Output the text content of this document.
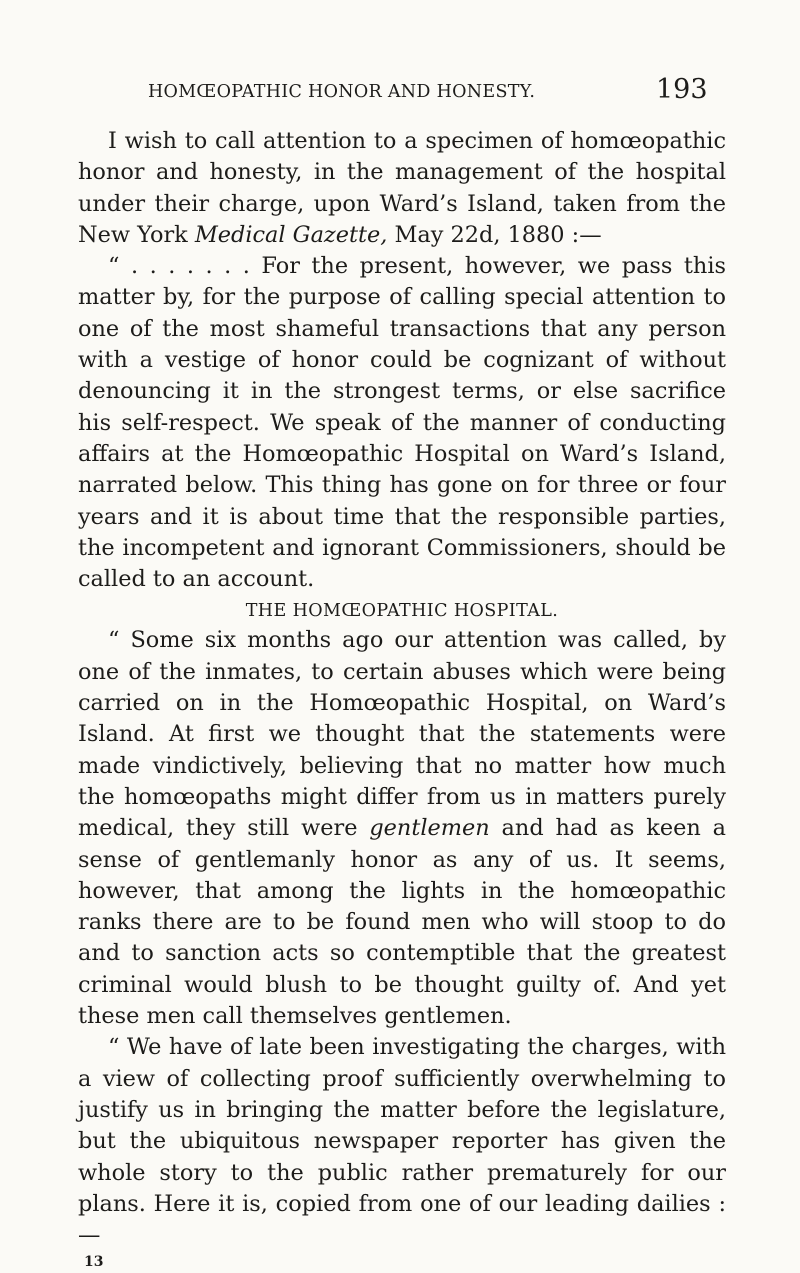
HOMŒOPATHIC HONOR AND HONESTY.	193

I wish to call attention to a specimen of homœopathic honor and honesty, in the management of the hospital under their charge, upon Ward’s Island, taken from the New York Medical Gazette, May 22d, 1880 :—

“ . . . . . . . For the present, however, we pass this matter by, for the purpose of calling special attention to one of the most shameful transactions that any person with a vestige of honor could be cognizant of without denouncing it in the strongest terms, or else sacrifice his self-respect. We speak of the manner of conducting affairs at the Homœopathic Hospital on Ward’s Island, narrated below. This thing has gone on for three or four years and it is about time that the responsible parties, the incompetent and ignorant Commissioners, should be called to an account.

THE HOMŒOPATHIC HOSPITAL.

“ Some six months ago our attention was called, by one of the inmates, to certain abuses which were being carried on in the Homœopathic Hospital, on Ward’s Island. At first we thought that the statements were made vindictively, believing that no matter how much the homœopaths might differ from us in matters purely medical, they still were gentlemen and had as keen a sense of gentlemanly honor as any of us. It seems, however, that among the lights in the homœopathic ranks there are to be found men who will stoop to do and to sanction acts so contemptible that the greatest criminal would blush to be thought guilty of. And yet these men call themselves gentlemen.

“ We have of late been investigating the charges, with a view of collecting proof sufficiently overwhelming to justify us in bringing the matter before the legislature, but the ubiquitous newspaper reporter has given the whole story to the public rather prematurely for our plans. Here it is, copied from one of our leading dailies :—

13
